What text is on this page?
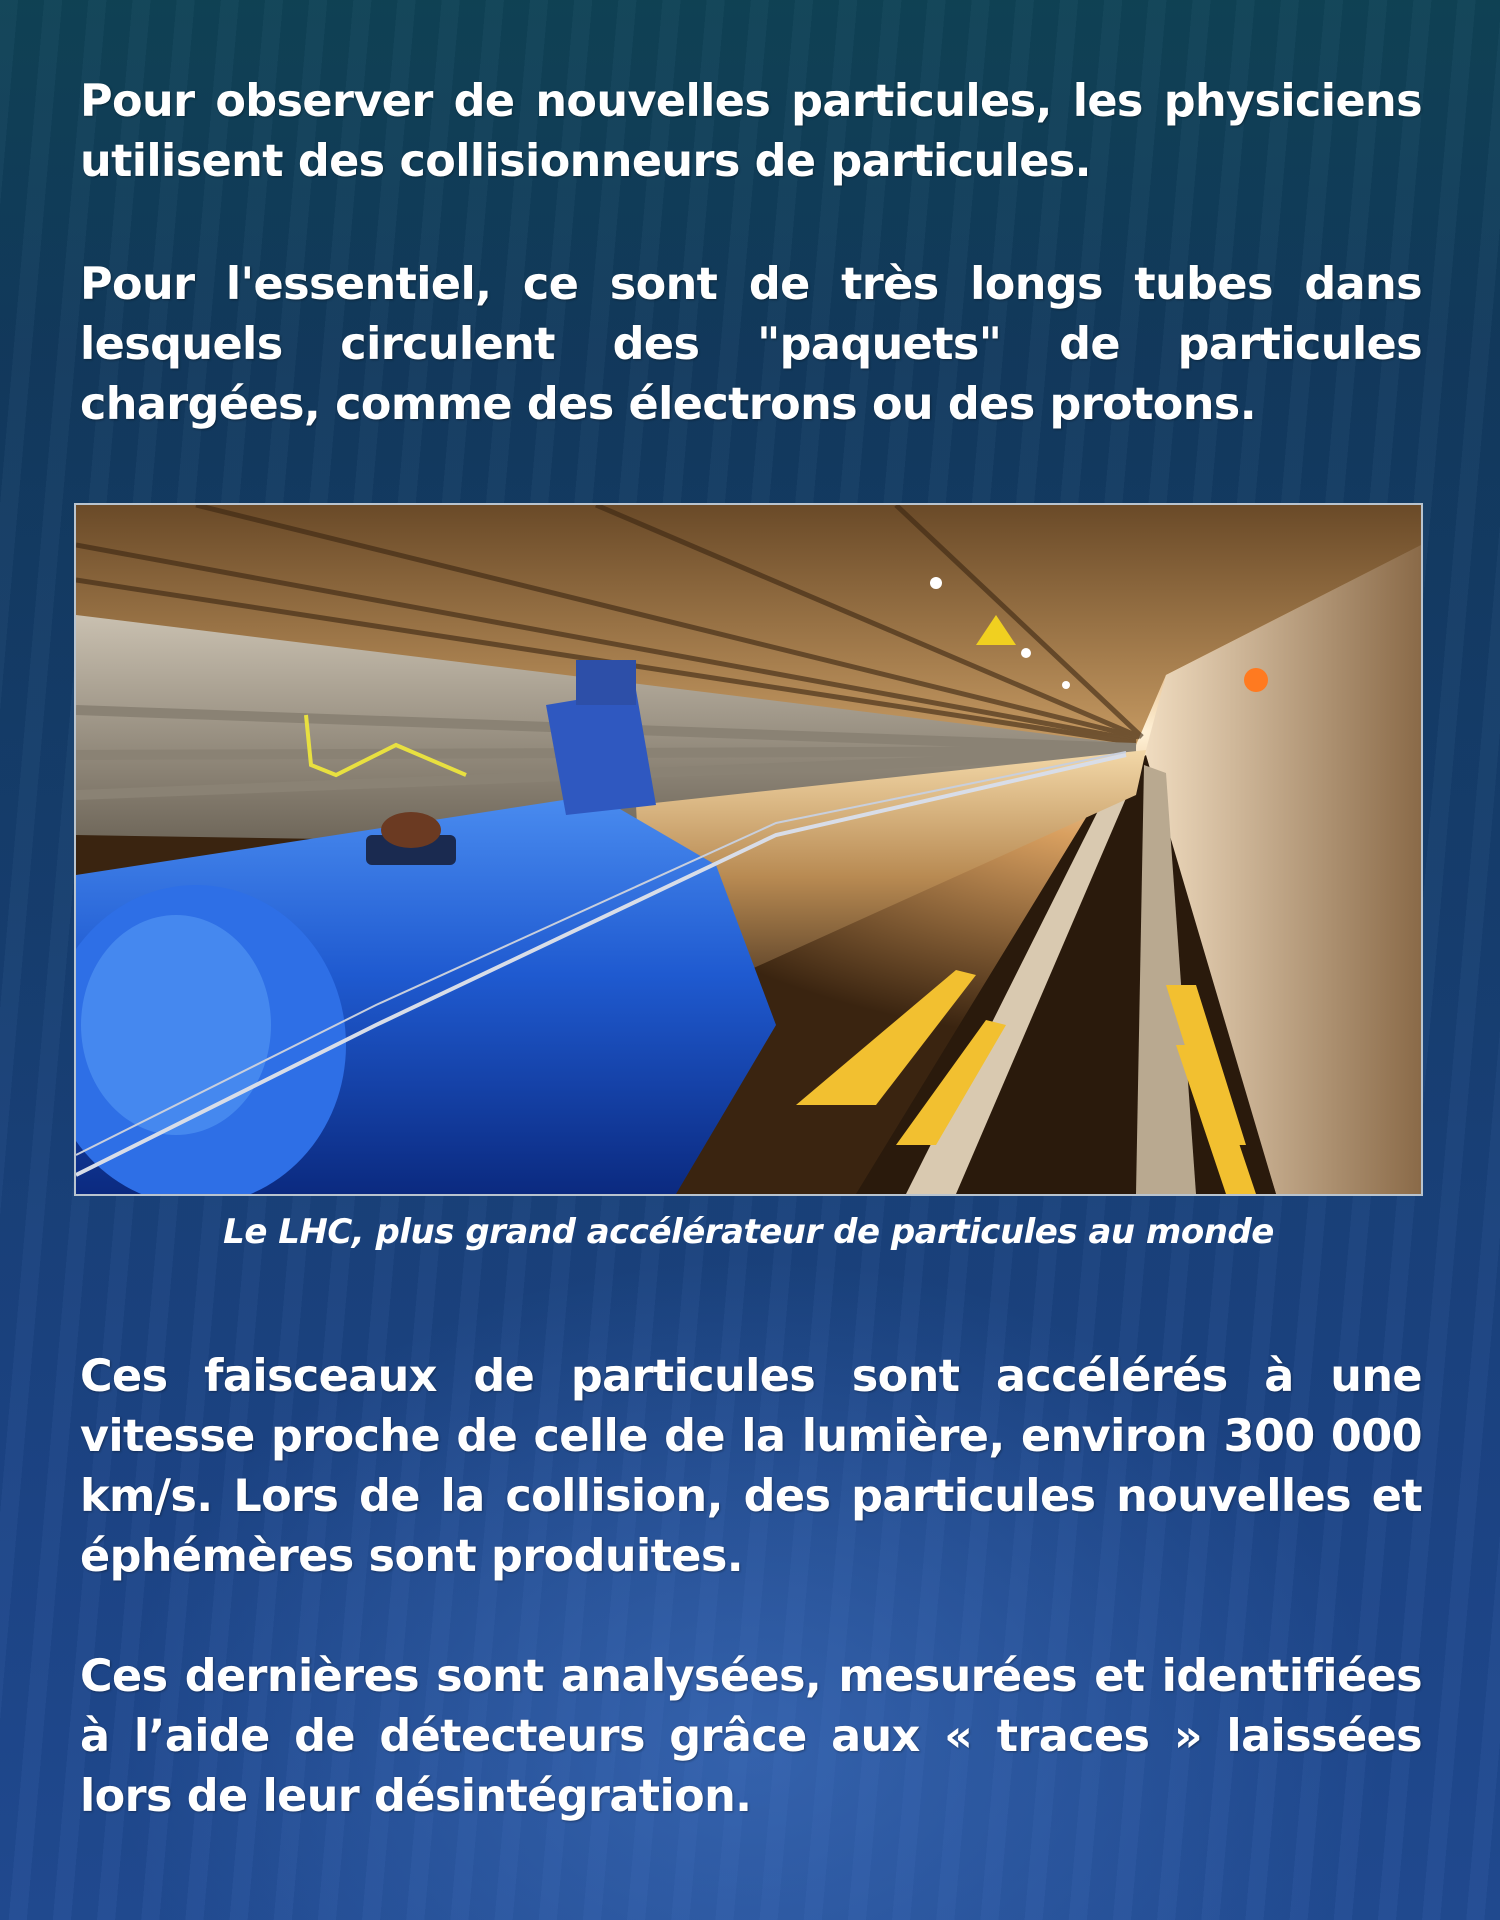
Pour observer de nouvelles particules, les physiciens utilisent des collisionneurs de particules.
Pour l'essentiel, ce sont de très longs tubes dans lesquels circulent des "paquets" de particules chargées, comme des électrons ou des protons.
Le LHC, plus grand accélérateur de particules au monde
Ces faisceaux de particules sont accélérés à une vitesse proche de celle de la lumière, environ 300 000 km/s. Lors de la collision, des particules nouvelles et éphémères sont produites.
Ces dernières sont analysées, mesurées et identifiées à l’aide de détecteurs grâce aux « traces » laissées lors de leur désintégration.
